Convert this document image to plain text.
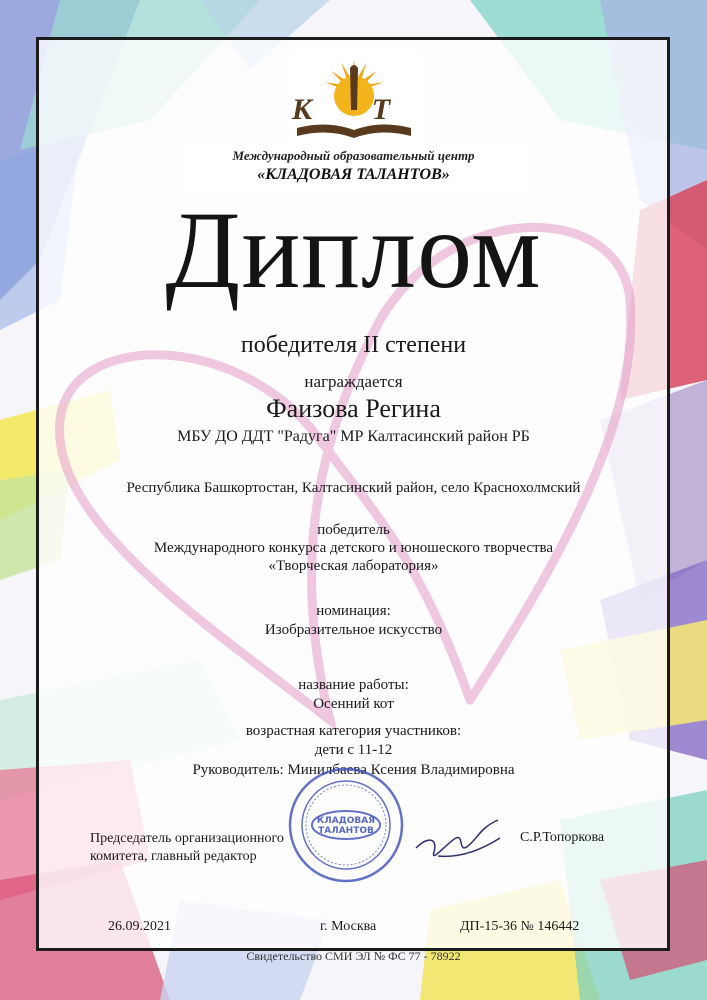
К Т
Международный образовательный центр
«КЛАДОВАЯ ТАЛАНТОВ»
Диплом
победителя II степени
награждается
Фаизова Регина
МБУ ДО ДДТ "Радуга" МР Калтасинский район РБ
Республика Башкортостан, Калтасинский район, село Краснохолмский
победитель
Международного конкурса детского и юношеского творчества
«Творческая лаборатория»
номинация:
Изобразительное искусство
название работы:
Осенний кот
возрастная категория участников:
дети с 11-12
Руководитель: Минилбаева Ксения Владимировна
КЛАДОВАЯ
ТАЛАНТОВ
Председатель организационного
комитета, главный редактор
С.Р.Топоркова
26.09.2021	г. Москва	ДП-15-36 № 146442
Свидетельство СМИ ЭЛ № ФС 77 - 78922
